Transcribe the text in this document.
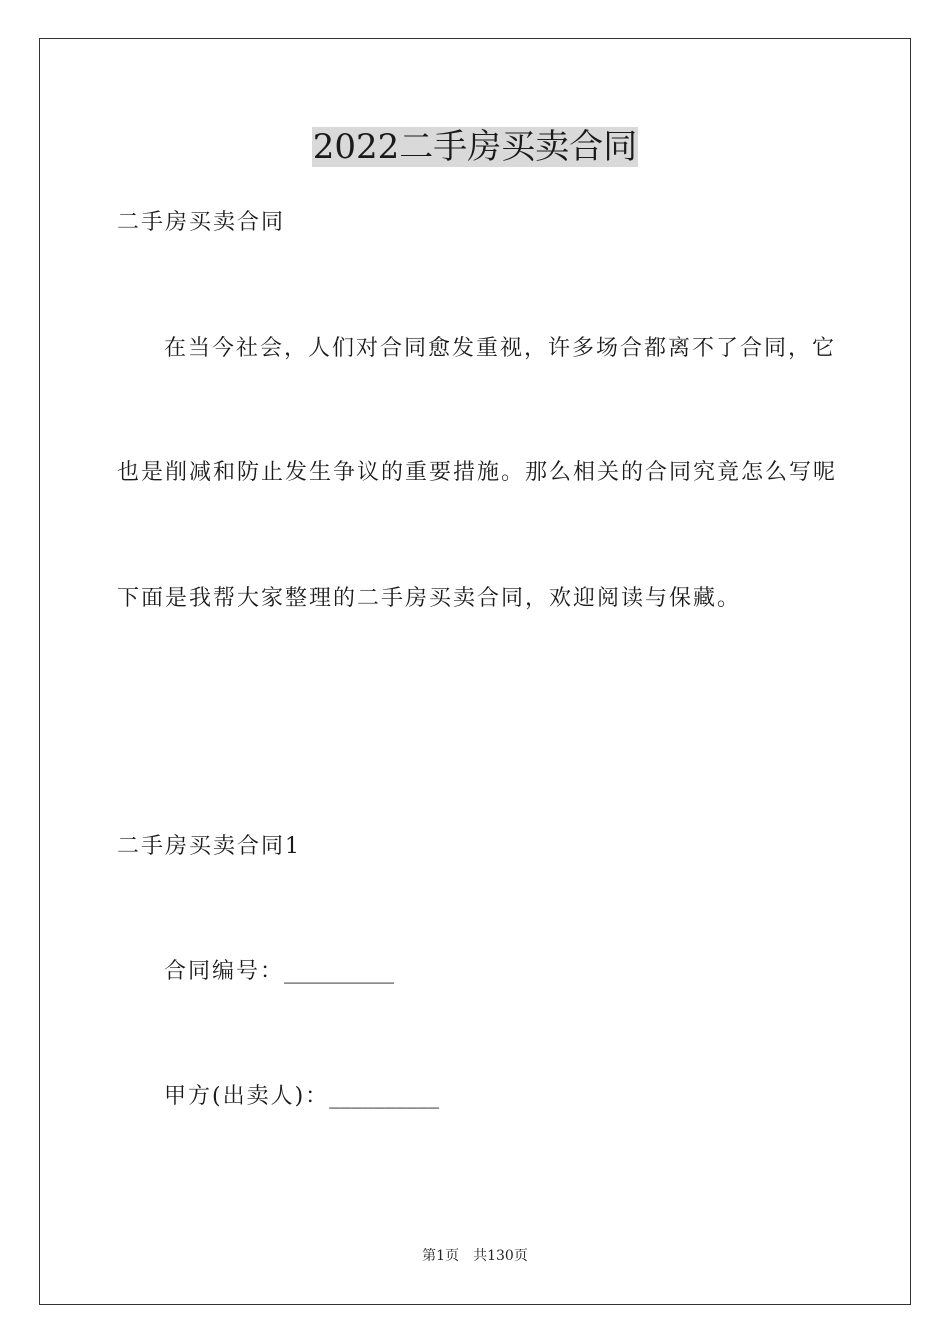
2022二手房买卖合同
二手房买卖合同
在当今社会，人们对合同愈发重视，许多场合都离不了合同，它
也是削减和防止发生争议的重要措施。那么相关的合同究竟怎么写呢
下面是我帮大家整理的二手房买卖合同，欢迎阅读与保藏。
二手房买卖合同1
合同编号：__________
甲方(出卖人)：__________
第1页 共130页
